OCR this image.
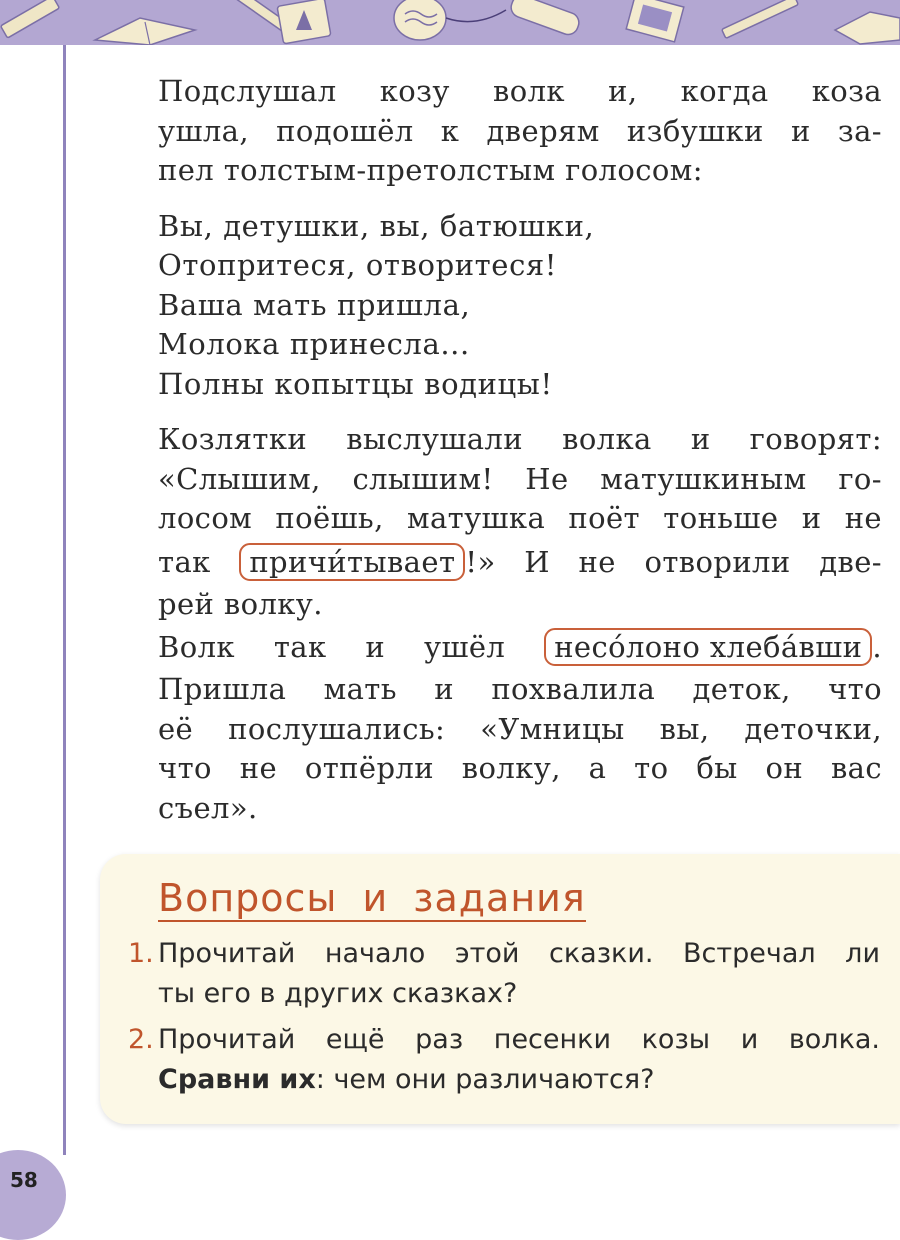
58

Подслушал козу волк и, когда коза
ушла, подошёл к дверям избушки и за-
пел толстым-претолстым голосом:

Вы, детушки, вы, батюшки,
Отопритеся, отворитеся!
Ваша мать пришла,
Молока принесла...
Полны копытцы водицы!

Козлятки выслушали волка и говорят:
«Слышим, слышим! Не матушкиным го-
лосом поёшь, матушка поёт тоньше и не
так причи́тывает !» И не отворили две-
рей волку.

Волк так и ушёл несо́лоно хлеба́вши .

Пришла мать и похвалила деток, что
её послушались: «Умницы вы, деточки,
что не отпёрли волку, а то бы он вас
съел».

Вопросы и задания
1. Прочитай начало этой сказки. Встречал ли
ты его в других сказках?
2. Прочитай ещё раз песенки козы и волка.
Сравни их: чем они различаются?
